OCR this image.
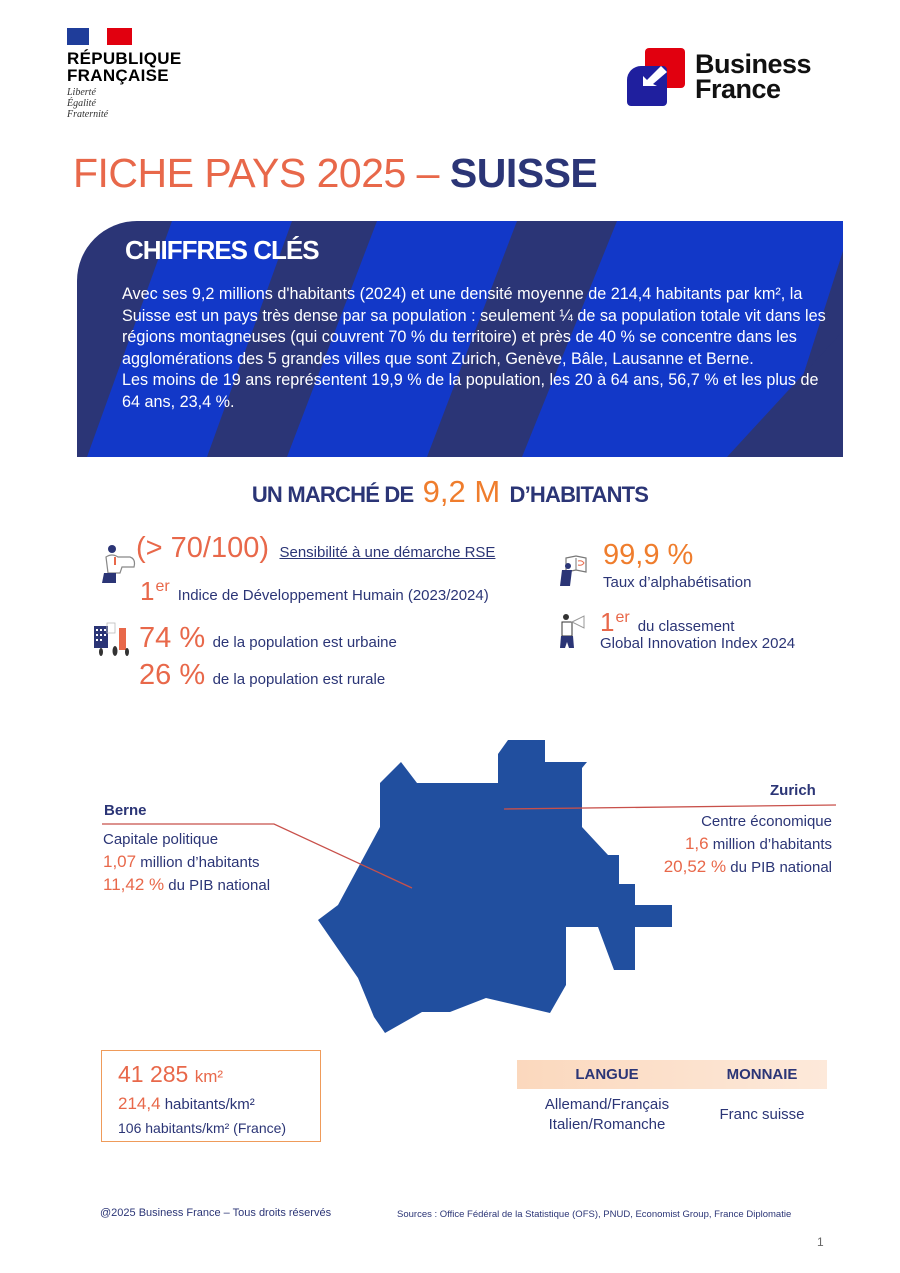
RÉPUBLIQUE
FRANÇAISE
Liberté
Égalité
Fraternité
Business
France
FICHE PAYS 2025 – SUISSE
CHIFFRES CLÉS

Avec ses 9,2 millions d'habitants (2024) et une densité moyenne de 214,4 habitants par km², la Suisse est un pays très dense par sa population : seulement ¼ de sa population totale vit dans les régions montagneuses (qui couvrent 70 % du territoire) et près de 40 % se concentre dans les agglomérations des 5 grandes villes que sont Zurich, Genève, Bâle, Lausanne et Berne.
Les moins de 19 ans représentent 19,9 % de la population, les 20 à 64 ans, 56,7 % et les plus de 64 ans, 23,4 %.

UN MARCHÉ DE 9,2 M D’HABITANTS
(> 70/100) Sensibilité à une démarche RSE
1erIndice de Développement Humain (2023/2024)
74 % de la population est urbaine
26 % de la population est rurale
99,9 %
Taux d’alphabétisation
1erdu classement
Global Innovation Index 2024
Berne
Capitale politique
1,07 million d’habitants
11,42 % du PIB national
Zurich
Centre économique
1,6 million d’habitants
20,52 % du PIB national
41 285 km²
214,4 habitants/km²
106 habitants/km² (France)
LANGUE	MONNAIE
Allemand/Français
Italien/Romanche
Franc suisse
@2025 Business France – Tous droits réservés	Sources : Office Fédéral de la Statistique (OFS), PNUD, Economist Group, France Diplomatie
1
